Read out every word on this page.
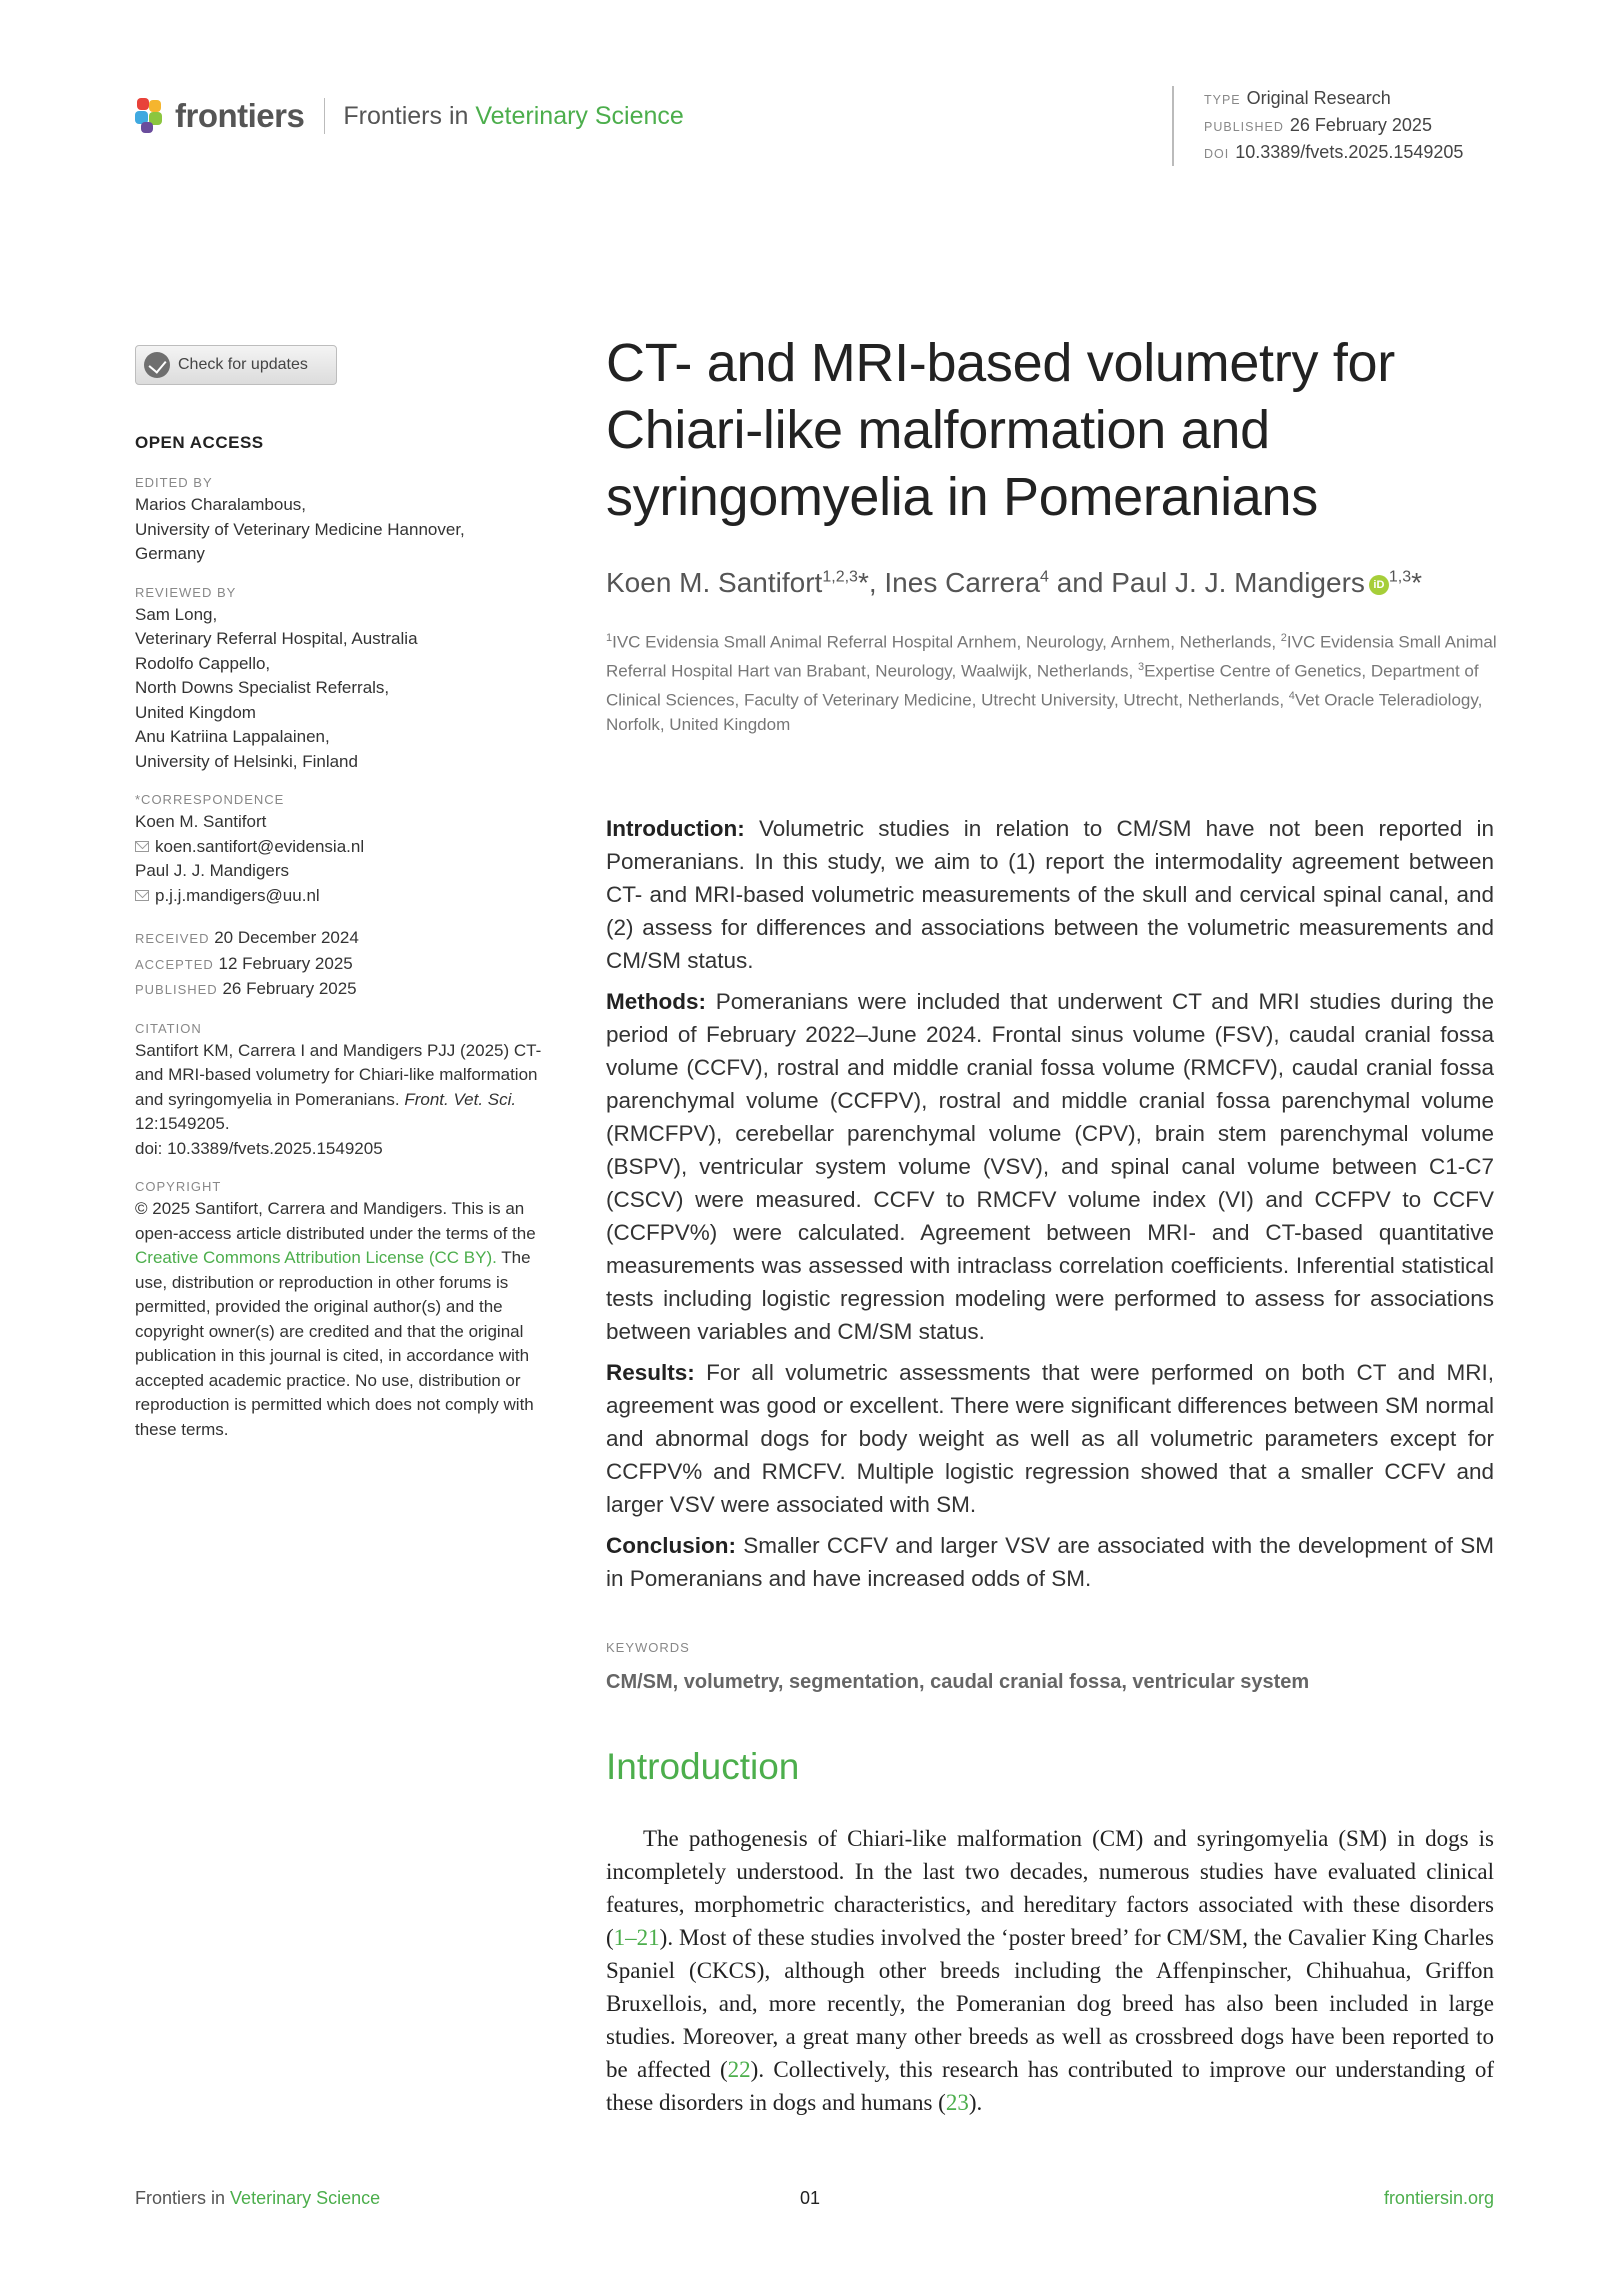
frontiers Frontiers in Veterinary Science
TYPE Original Research
PUBLISHED 26 February 2025
DOI 10.3389/fvets.2025.1549205
Check for updates
OPEN ACCESS
EDITED BY
Marios Charalambous,
University of Veterinary Medicine Hannover,
Germany
REVIEWED BY
Sam Long,
Veterinary Referral Hospital, Australia
Rodolfo Cappello,
North Downs Specialist Referrals,
United Kingdom
Anu Katriina Lappalainen,
University of Helsinki, Finland
*CORRESPONDENCE
Koen M. Santifort
koen.santifort@evidensia.nl
Paul J. J. Mandigers
p.j.j.mandigers@uu.nl
RECEIVED 20 December 2024
ACCEPTED 12 February 2025
PUBLISHED 26 February 2025
CITATION
Santifort KM, Carrera I and Mandigers PJJ (2025) CT- and MRI-based volumetry for Chiari-like malformation and syringomyelia in Pomeranians. Front. Vet. Sci. 12:1549205.
doi: 10.3389/fvets.2025.1549205
COPYRIGHT
© 2025 Santifort, Carrera and Mandigers. This is an open-access article distributed under the terms of the Creative Commons Attribution License (CC BY). The use, distribution or reproduction in other forums is permitted, provided the original author(s) and the copyright owner(s) are credited and that the original publication in this journal is cited, in accordance with accepted academic practice. No use, distribution or reproduction is permitted which does not comply with these terms.
CT- and MRI-based volumetry for Chiari-like malformation and syringomyelia in Pomeranians
Koen M. Santifort$^{1,2,3}$*, Ines Carrera$^4$ and Paul J. J. Mandigers iD $^{1,3}$*
$^1$IVC Evidensia Small Animal Referral Hospital Arnhem, Neurology, Arnhem, Netherlands, $^2$IVC Evidensia Small Animal Referral Hospital Hart van Brabant, Neurology, Waalwijk, Netherlands, $^3$Expertise Centre of Genetics, Department of Clinical Sciences, Faculty of Veterinary Medicine, Utrecht University, Utrecht, Netherlands, $^4$Vet Oracle Teleradiology, Norfolk, United Kingdom

Introduction: Volumetric studies in relation to CM/SM have not been reported in Pomeranians. In this study, we aim to (1) report the intermodality agreement between CT- and MRI-based volumetric measurements of the skull and cervical spinal canal, and (2) assess for differences and associations between the volumetric measurements and CM/SM status.

Methods: Pomeranians were included that underwent CT and MRI studies during the period of February 2022–June 2024. Frontal sinus volume (FSV), caudal cranial fossa volume (CCFV), rostral and middle cranial fossa volume (RMCFV), caudal cranial fossa parenchymal volume (CCFPV), rostral and middle cranial fossa parenchymal volume (RMCFPV), cerebellar parenchymal volume (CPV), brain stem parenchymal volume (BSPV), ventricular system volume (VSV), and spinal canal volume between C1-C7 (CSCV) were measured. CCFV to RMCFV volume index (VI) and CCFPV to CCFV (CCFPV%) were calculated. Agreement between MRI- and CT-based quantitative measurements was assessed with intraclass correlation coefficients. Inferential statistical tests including logistic regression modeling were performed to assess for associations between variables and CM/SM status.

Results: For all volumetric assessments that were performed on both CT and MRI, agreement was good or excellent. There were significant differences between SM normal and abnormal dogs for body weight as well as all volumetric parameters except for CCFPV% and RMCFV. Multiple logistic regression showed that a smaller CCFV and larger VSV were associated with SM.

Conclusion: Smaller CCFV and larger VSV are associated with the development of SM in Pomeranians and have increased odds of SM.

KEYWORDS
CM/SM, volumetry, segmentation, caudal cranial fossa, ventricular system
Introduction
The pathogenesis of Chiari-like malformation (CM) and syringomyelia (SM) in dogs is incompletely understood. In the last two decades, numerous studies have evaluated clinical features, morphometric characteristics, and hereditary factors associated with these disorders (1–21). Most of these studies involved the ‘poster breed’ for CM/SM, the Cavalier King Charles Spaniel (CKCS), although other breeds including the Affenpinscher, Chihuahua, Griffon Bruxellois, and, more recently, the Pomeranian dog breed has also been included in large studies. Moreover, a great many other breeds as well as crossbreed dogs have been reported to be affected (22). Collectively, this research has contributed to improve our understanding of these disorders in dogs and humans (23).
Frontiers in Veterinary Science	01	frontiersin.org
